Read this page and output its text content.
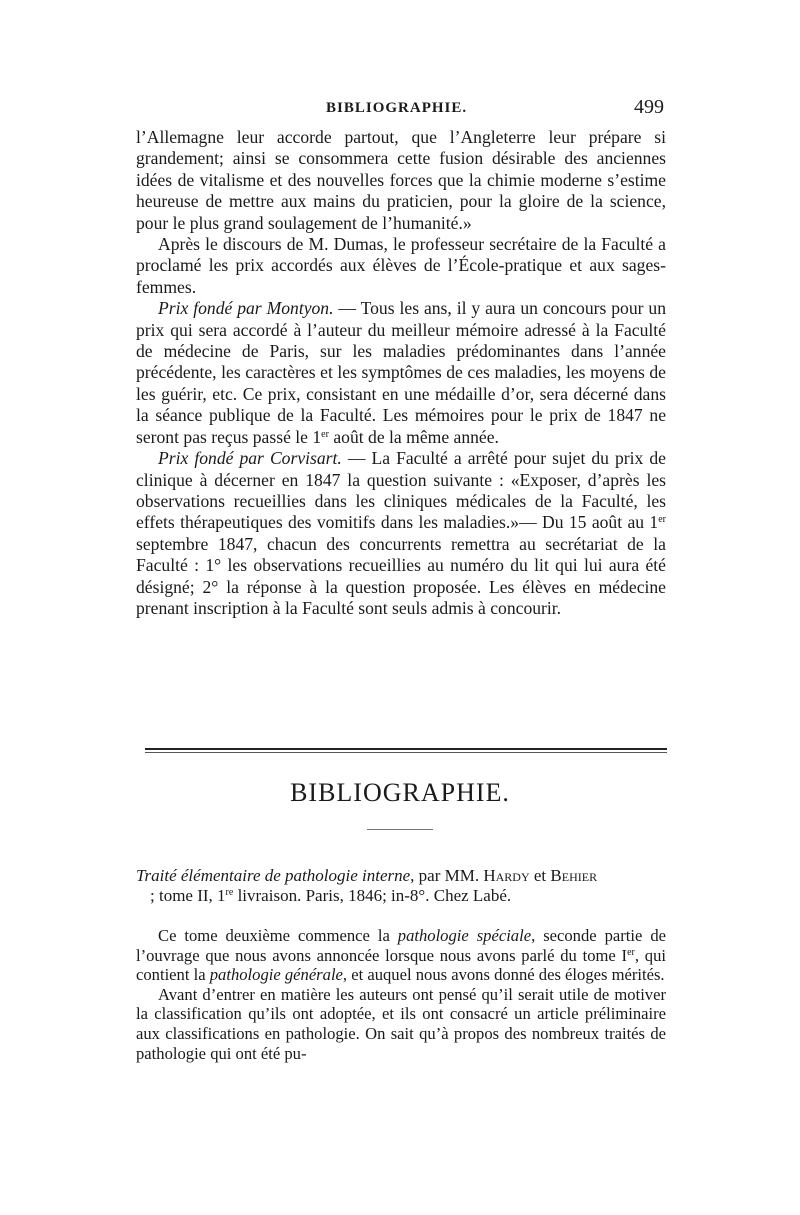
BIBLIOGRAPHIE.	499

l’Allemagne leur accorde partout, que l’Angleterre leur prépare si grandement; ainsi se consommera cette fusion désirable des anciennes idées de vitalisme et des nouvelles forces que la chimie moderne s’estime heureuse de mettre aux mains du praticien, pour la gloire de la science, pour le plus grand soulagement de l’humanité.»

Après le discours de M. Dumas, le professeur secrétaire de la Faculté a proclamé les prix accordés aux élèves de l’École-pratique et aux sages-femmes.

Prix fondé par Montyon. — Tous les ans, il y aura un concours pour un prix qui sera accordé à l’auteur du meilleur mémoire adressé à la Faculté de médecine de Paris, sur les maladies prédominantes dans l’année précédente, les caractères et les symptômes de ces maladies, les moyens de les guérir, etc. Ce prix, consistant en une médaille d’or, sera décerné dans la séance publique de la Faculté. Les mémoires pour le prix de 1847 ne seront pas reçus passé le 1er août de la même année.

Prix fondé par Corvisart. — La Faculté a arrêté pour sujet du prix de clinique à décerner en 1847 la question suivante : «Exposer, d’après les observations recueillies dans les cliniques médicales de la Faculté, les effets thérapeutiques des vomitifs dans les maladies.»— Du 15 août au 1er septembre 1847, chacun des concurrents remettra au secrétariat de la Faculté : 1° les observations recueillies au numéro du lit qui lui aura été désigné; 2° la réponse à la question proposée. Les élèves en médecine prenant inscription à la Faculté sont seuls admis à concourir.

BIBLIOGRAPHIE.

Traité élémentaire de pathologie interne, par MM. Hardy et Behier
; tome II, 1re livraison. Paris, 1846; in-8°. Chez Labé.

Ce tome deuxième commence la pathologie spéciale, seconde partie de l’ouvrage que nous avons annoncée lorsque nous avons parlé du tome Ier, qui contient la pathologie générale, et auquel nous avons donné des éloges mérités.

Avant d’entrer en matière les auteurs ont pensé qu’il serait utile de motiver la classification qu’ils ont adoptée, et ils ont consacré un article préliminaire aux classifications en pathologie. On sait qu’à propos des nombreux traités de pathologie qui ont été pu-
